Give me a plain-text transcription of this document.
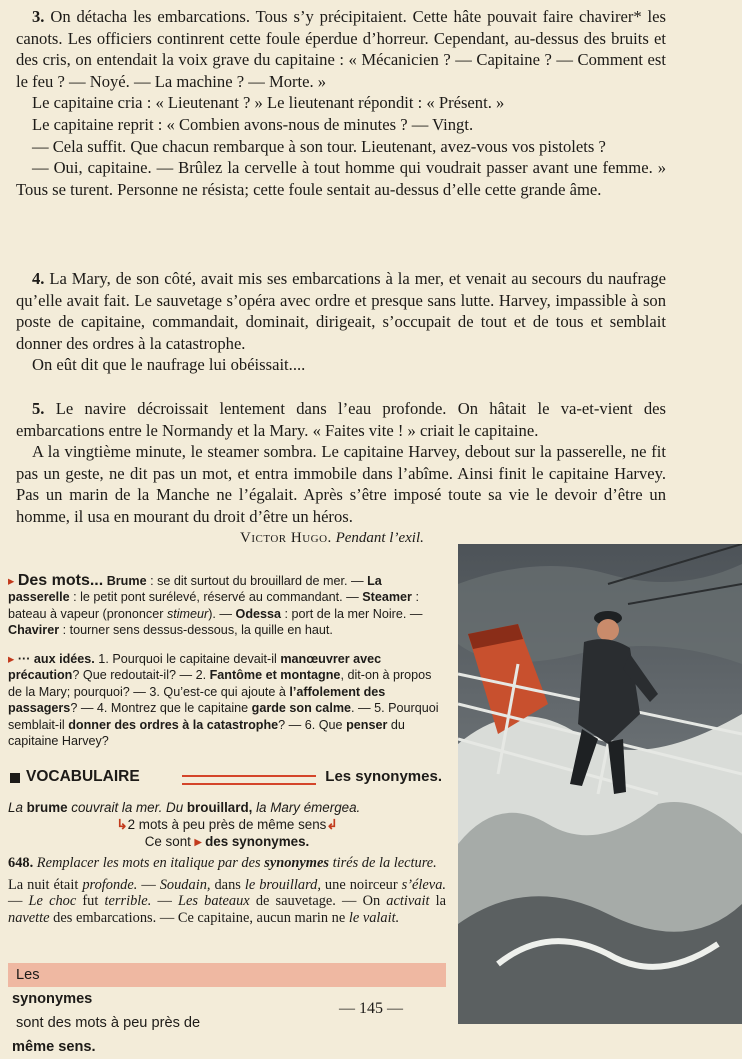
3. On détacha les embarcations. Tous s’y précipitaient. Cette hâte pouvait faire chavirer* les canots. Les officiers continrent cette foule éperdue d’horreur. Cependant, au-dessus des bruits et des cris, on entendait la voix grave du capitaine : « Mécanicien ? — Capitaine ? — Comment est le feu ? — Noyé. — La machine ? — Morte. »

Le capitaine cria : « Lieutenant ? » Le lieutenant répondit : « Présent. »

Le capitaine reprit : « Combien avons-nous de minutes ? — Vingt.

— Cela suffit. Que chacun rembarque à son tour. Lieutenant, avez-vous vos pistolets ?

— Oui, capitaine. — Brûlez la cervelle à tout homme qui voudrait passer avant une femme. » Tous se turent. Personne ne résista; cette foule sentait au-dessus d’elle cette grande âme.

4. La Mary, de son côté, avait mis ses embarcations à la mer, et venait au secours du naufrage qu’elle avait fait. Le sauvetage s’opéra avec ordre et presque sans lutte. Harvey, impassible à son poste de capitaine, commandait, dominait, dirigeait, s’occupait de tout et de tous et semblait donner des ordres à la catastrophe.

On eût dit que le naufrage lui obéissait....

5. Le navire décroissait lentement dans l’eau profonde. On hâtait le va-et-vient des embarcations entre le Normandy et la Mary. « Faites vite ! » criait le capitaine.

A la vingtième minute, le steamer sombra. Le capitaine Harvey, debout sur la passerelle, ne fit pas un geste, ne dit pas un mot, et entra immobile dans l’abîme. Ainsi finit le capitaine Harvey. Pas un marin de la Manche ne l’égalait. Après s’être imposé toute sa vie le devoir d’être un homme, il usa en mourant du droit d’être un héros.

Victor Hugo. Pendant l’exil.
▸ Des mots... Brume : se dit surtout du brouillard de mer. — La passerelle : le petit pont surélevé, réservé au commandant. — Steamer : bateau à vapeur (prononcer stimeur). — Odessa : port de la mer Noire. — Chavirer : tourner sens dessus-dessous, la quille en haut.
▸ ··· aux idées. 1. Pourquoi le capitaine devait-il manœuvrer avec précaution? Que redoutait-il? — 2. Fantôme et montagne, dit-on à propos de la Mary; pourquoi? — 3. Qu’est-ce qui ajoute à l’affolement des passagers? — 4. Montrez que le capitaine garde son calme. — 5. Pourquoi semblait-il donner des ordres à la catastrophe? — 6. Que penser du capitaine Harvey?
VOCABULAIRE	Les synonymes.

La brume couvrait la mer. Du brouillard, la Mary émergea.

↳2 mots à peu près de même sens↲

Ce sont ▸ des synonymes.

648. Remplacer les mots en italique par des synonymes tirés de la lecture.

La nuit était profonde. — Soudain, dans le brouillard, une noirceur s’éleva. — Le choc fut terrible. — Les bateaux de sauvetage. — On activait la navette des embarcations. — Ce capitaine, aucun marin ne le valait.

Les
synonymes
sont des mots à peu près de
même sens.
— 145 —
